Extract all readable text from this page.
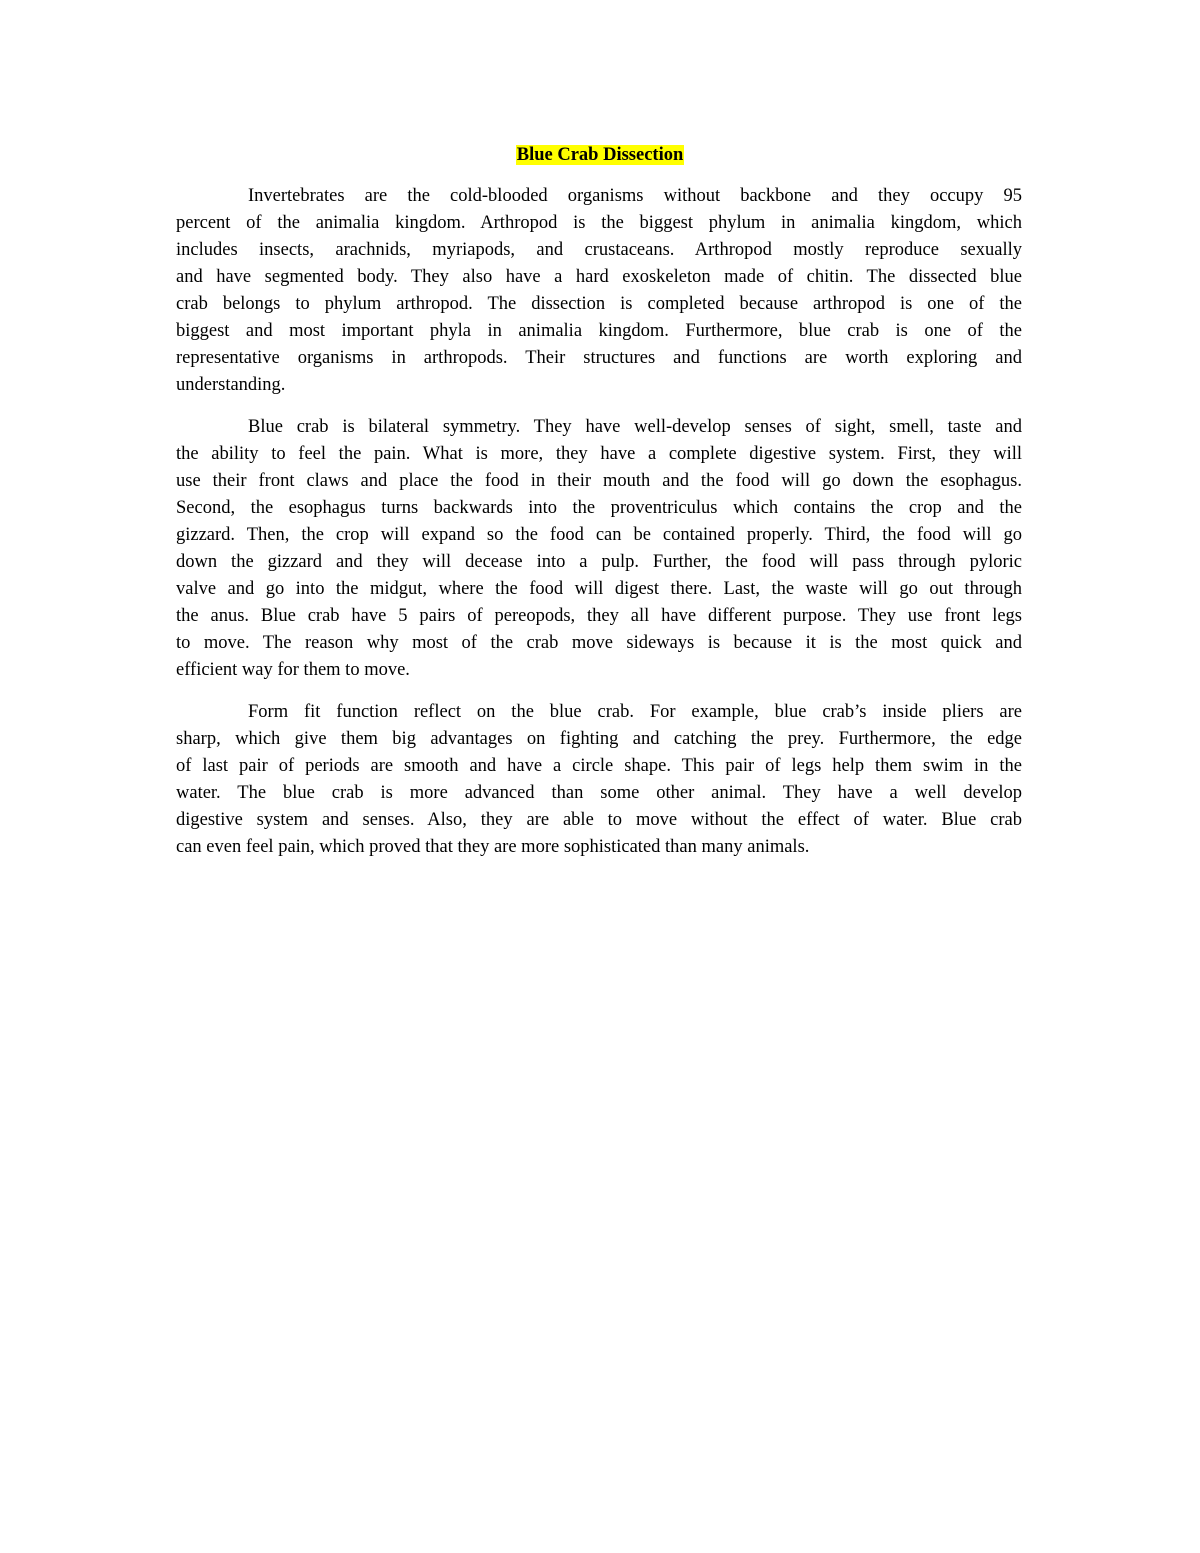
Blue Crab Dissection
Invertebrates are the cold-blooded organisms without backbone and they occupy 95
percent of the animalia kingdom. Arthropod is the biggest phylum in animalia kingdom, which
includes insects, arachnids, myriapods, and crustaceans. Arthropod mostly reproduce sexually
and have segmented body. They also have a hard exoskeleton made of chitin. The dissected blue
crab belongs to phylum arthropod. The dissection is completed because arthropod is one of the
biggest and most important phyla in animalia kingdom. Furthermore, blue crab is one of the
representative organisms in arthropods. Their structures and functions are worth exploring and
understanding.
Blue crab is bilateral symmetry. They have well-develop senses of sight, smell, taste and
the ability to feel the pain. What is more, they have a complete digestive system. First, they will
use their front claws and place the food in their mouth and the food will go down the esophagus.
Second, the esophagus turns backwards into the proventriculus which contains the crop and the
gizzard. Then, the crop will expand so the food can be contained properly. Third, the food will go
down the gizzard and they will decease into a pulp. Further, the food will pass through pyloric
valve and go into the midgut, where the food will digest there. Last, the waste will go out through
the anus. Blue crab have 5 pairs of pereopods, they all have different purpose. They use front legs
to move. The reason why most of the crab move sideways is because it is the most quick and
efficient way for them to move.
Form fit function reflect on the blue crab. For example, blue crab’s inside pliers are
sharp, which give them big advantages on fighting and catching the prey. Furthermore, the edge
of last pair of periods are smooth and have a circle shape. This pair of legs help them swim in the
water. The blue crab is more advanced than some other animal. They have a well develop
digestive system and senses. Also, they are able to move without the effect of water. Blue crab
can even feel pain, which proved that they are more sophisticated than many animals.
